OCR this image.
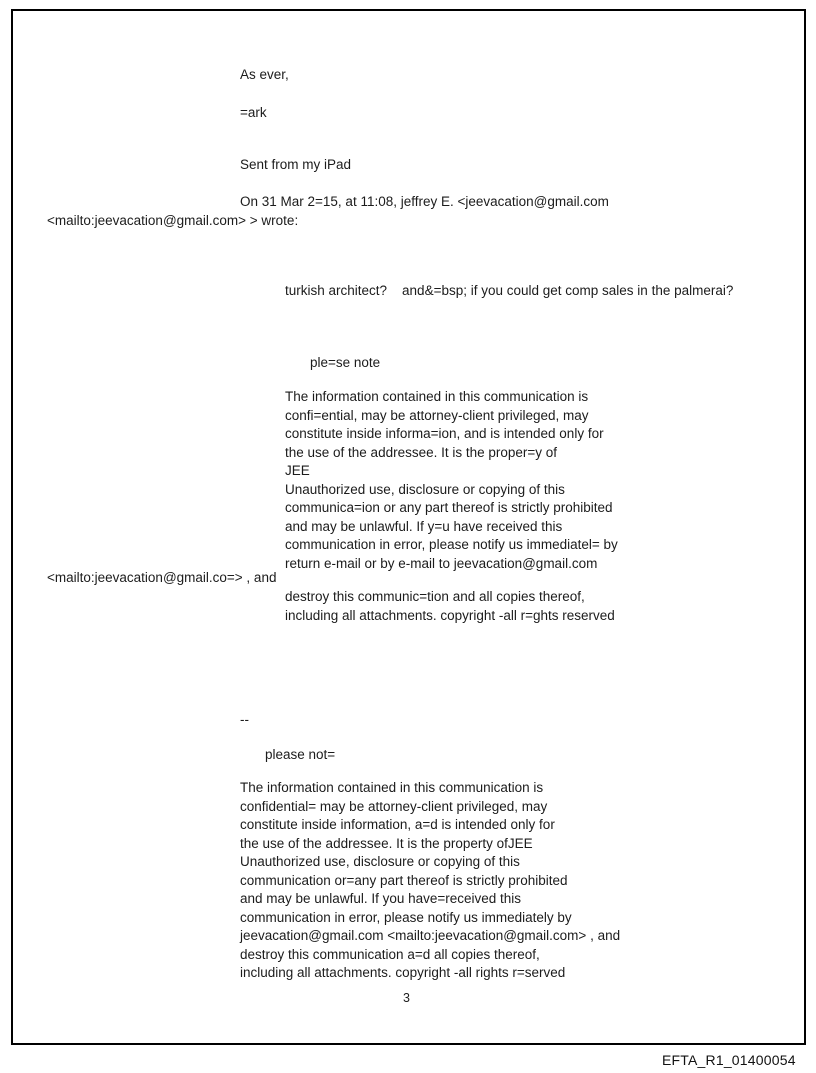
As ever,
=ark
Sent from my iPad
On 31 Mar 2=15, at 11:08, jeffrey E. <jeevacation@gmail.com
<mailto:jeevacation@gmail.com> > wrote:
turkish architect?    and&=bsp; if you could get comp sales in the palmerai?
ple=se note
The information contained in this communication is
confi=ential, may be attorney-client privileged, may
constitute inside informa=ion, and is intended only for
the use of the addressee. It is the proper=y of
JEE
Unauthorized use, disclosure or copying of this
communica=ion or any part thereof is strictly prohibited
and may be unlawful. If y=u have received this
communication in error, please notify us immediatel= by
return e-mail or by e-mail to jeevacation@gmail.com
<mailto:jeevacation@gmail.co=> , and
destroy this communic=tion and all copies thereof,
including all attachments. copyright -all r=ghts reserved
--
please not=
The information contained in this communication is
confidential= may be attorney-client privileged, may
constitute inside information, a=d is intended only for
the use of the addressee. It is the property ofJEE
Unauthorized use, disclosure or copying of this
communication or=any part thereof is strictly prohibited
and may be unlawful. If you have=received this
communication in error, please notify us immediately by
jeevacation@gmail.com <mailto:jeevacation@gmail.com> , and
destroy this communication a=d all copies thereof,
including all attachments. copyright -all rights r=served
3
EFTA_R1_01400054
